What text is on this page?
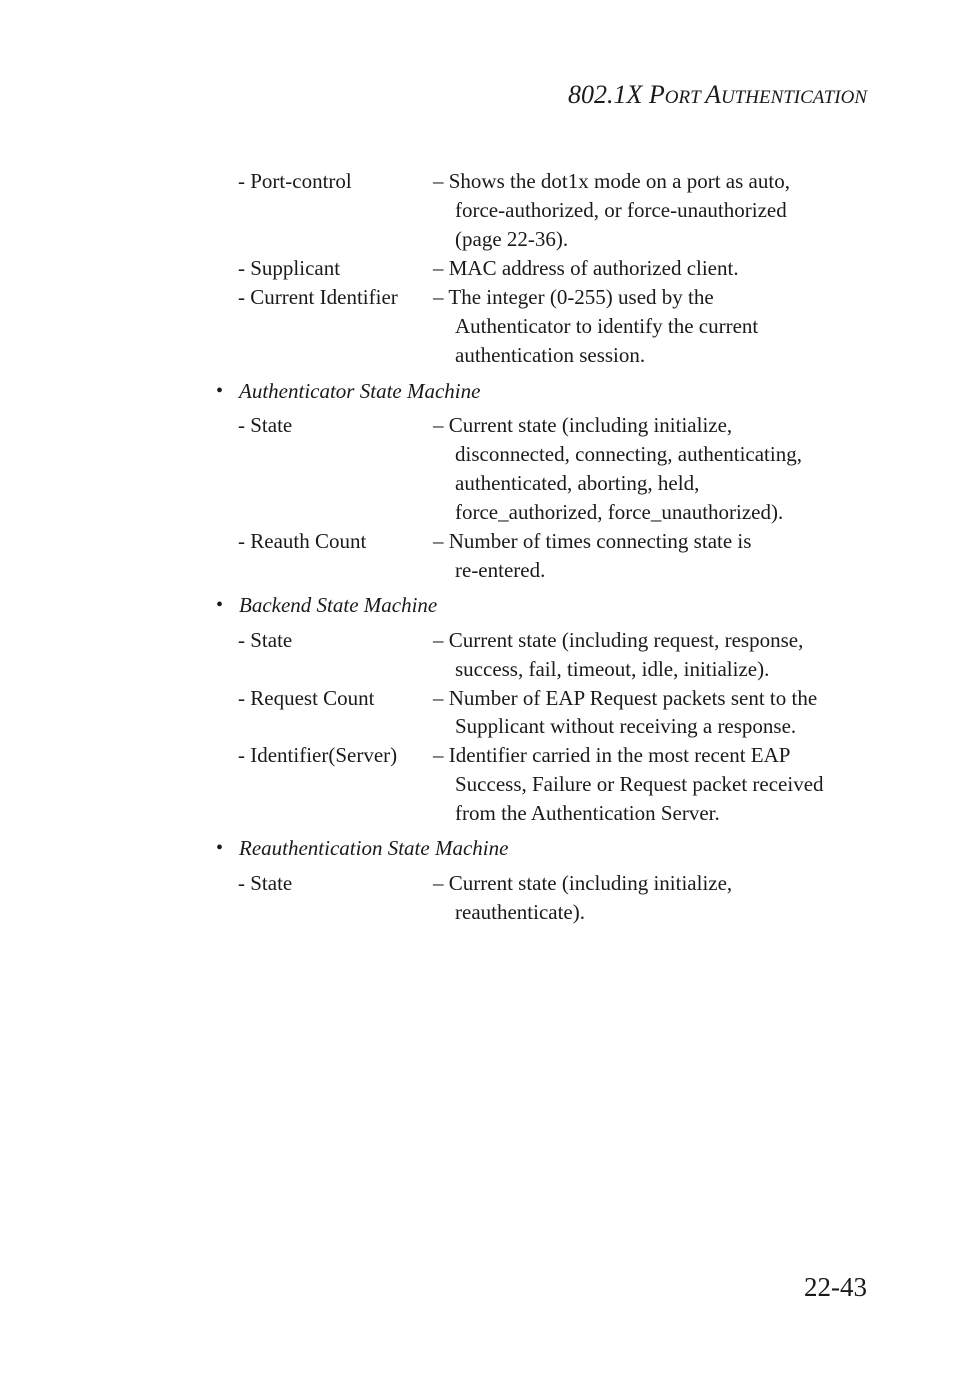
802.1X PORT AUTHENTICATION
- Port-control	– Shows the dot1x mode on a port as auto,
force-authorized, or force-unauthorized
(page 22-36).
- Supplicant	– MAC address of authorized client.
- Current Identifier – The integer (0-255) used by the
Authenticator to identify the current
authentication session.
• Authenticator State Machine
- State	– Current state (including initialize,
disconnected, connecting, authenticating,
authenticated, aborting, held,
force_authorized, force_unauthorized).
- Reauth Count	– Number of times connecting state is
re-entered.
• Backend State Machine
- State	– Current state (including request, response,
success, fail, timeout, idle, initialize).
- Request Count	– Number of EAP Request packets sent to the
Supplicant without receiving a response.
- Identifier(Server) – Identifier carried in the most recent EAP
Success, Failure or Request packet received
from the Authentication Server.
• Reauthentication State Machine
- State	– Current state (including initialize,
reauthenticate).
22-43
